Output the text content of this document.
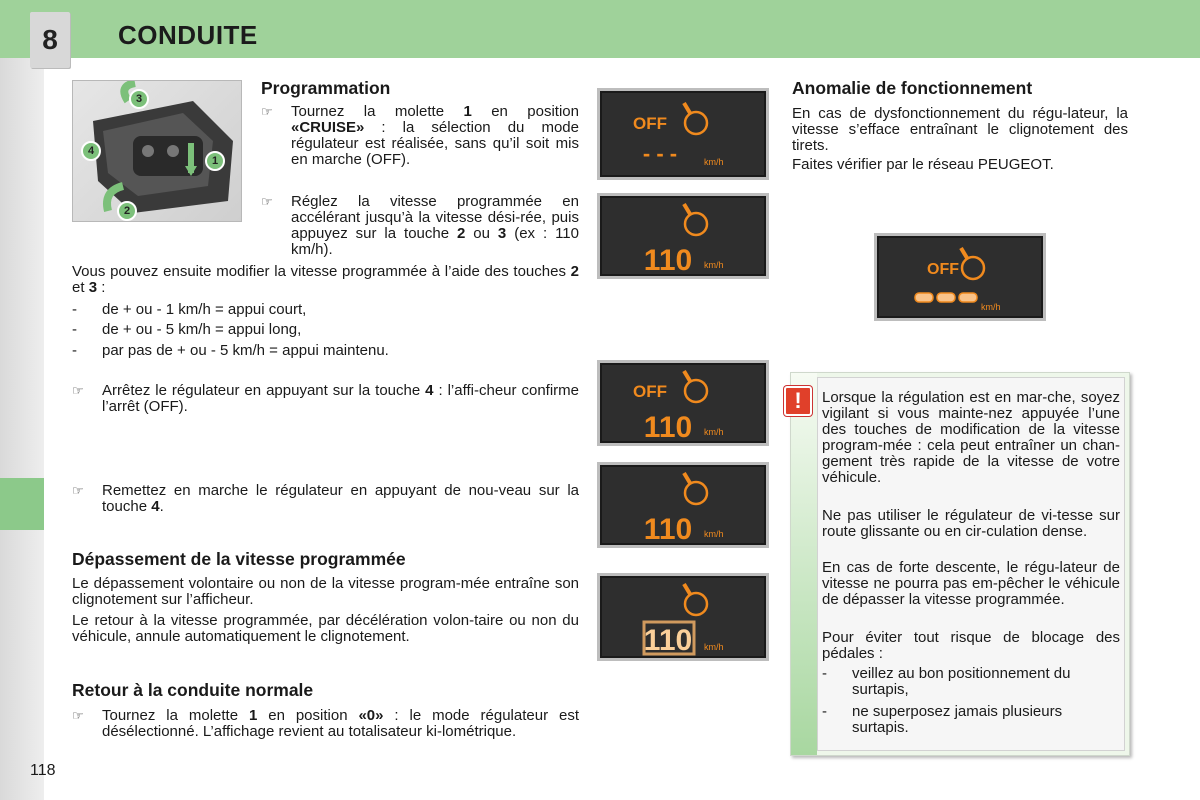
8	CONDUITE
3
4
1
2
Programmation
☞	Tournez la molette 1 en position «CRUISE» : la sélection du mode régulateur est réalisée, sans qu’il soit mis en marche (OFF).
☞	Réglez la vitesse programmée en accélérant jusqu’à la vitesse dési-rée, puis appuyez sur la touche 2 ou 3 (ex : 110 km/h).
Vous pouvez ensuite modifier la vitesse programmée à l’aide des touches 2 et 3 :
- de + ou - 1 km/h = appui court,
- de + ou - 5 km/h = appui long,
- par pas de + ou - 5 km/h = appui maintenu.
☞	Arrêtez le régulateur en appuyant sur la touche 4 : l’affi-cheur confirme l’arrêt (OFF).
☞	Remettez en marche le régulateur en appuyant de nou-veau sur la touche 4.
Dépassement de la vitesse programmée
Le dépassement volontaire ou non de la vitesse program-mée entraîne son clignotement sur l’afficheur.
Le retour à la vitesse programmée, par décélération volon-taire ou non du véhicule, annule automatiquement le clignotement.
Retour à la conduite normale
☞	Tournez la molette 1 en position «0» : le mode régulateur est désélectionné. L’affichage revient au totalisateur ki-lométrique.
OFF
- - -	km/h
110 km/h
OFF
110 km/h
110 km/h
110 km/h
Anomalie de fonctionnement
En cas de dysfonctionnement du régu-lateur, la vitesse s’efface entraînant le clignotement des tirets.
Faites vérifier par le réseau PEUGEOT.
OFF
km/h
!	Lorsque la régulation est en mar-che, soyez vigilant si vous mainte-nez appuyée l’une des touches de modification de la vitesse program-mée : cela peut entraîner un chan-gement très rapide de la vitesse de votre véhicule.
Ne pas utiliser le régulateur de vi-tesse sur route glissante ou en cir-culation dense.
En cas de forte descente, le régu-lateur de vitesse ne pourra pas em-pêcher le véhicule de dépasser la vitesse programmée.
Pour éviter tout risque de blocage des pédales :
-	veillez au bon positionnement du surtapis,
-	ne superposez jamais plusieurs surtapis.
118
